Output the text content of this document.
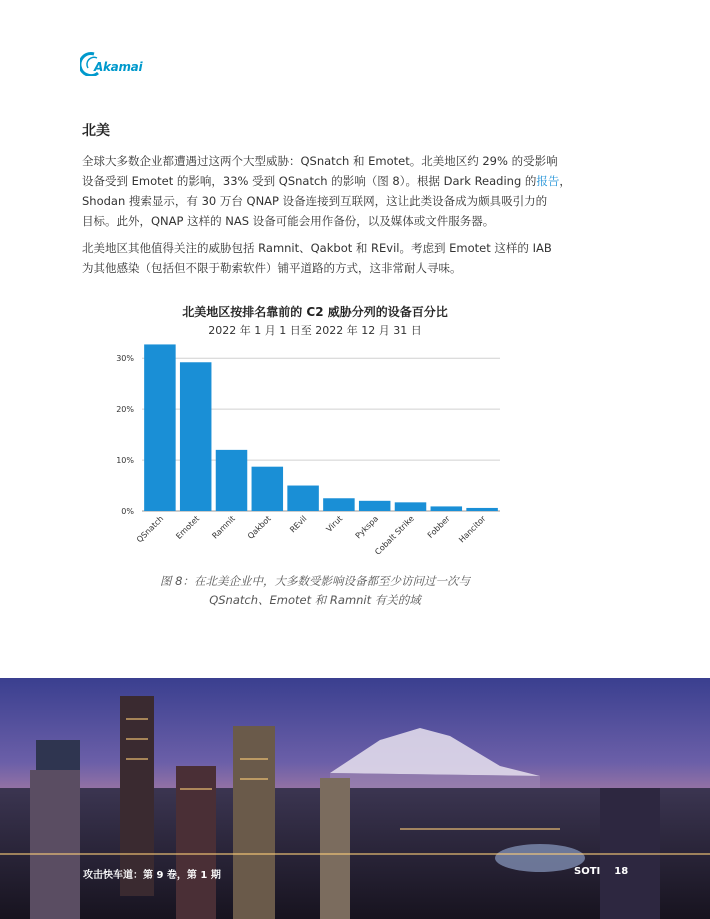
Akamai
北美
全球大多数企业都遭遇过这两个大型威胁：QSnatch 和 Emotet。北美地区约 29% 的受影响
设备受到 Emotet 的影响，33% 受到 QSnatch 的影响（图 8）。根据 Dark Reading 的报告，
Shodan 搜索显示，有 30 万台 QNAP 设备连接到互联网，这让此类设备成为颇具吸引力的
目标。此外，QNAP 这样的 NAS 设备可能会用作备份，以及媒体或文件服务器。
北美地区其他值得关注的威胁包括 Ramnit、Qakbot 和 REvil。考虑到 Emotet 这样的 IAB
为其他感染（包括但不限于勒索软件）铺平道路的方式，这非常耐人寻味。
北美地区按排名靠前的 C2 威胁分列的设备百分比
2022 年 1 月 1 日至 2022 年 12 月 31 日
0%
10%
20%
30%
QSnatch Emotet Ramnit Qakbot REvil Virut Pykspa
Cobalt Strike Fobber Hancitor
图 8：在北美企业中，大多数受影响设备都至少访问过一次与
QSnatch、Emotet 和 Ramnit 有关的域
攻击快车道：第 9 卷，第 1 期	SOTI 18
